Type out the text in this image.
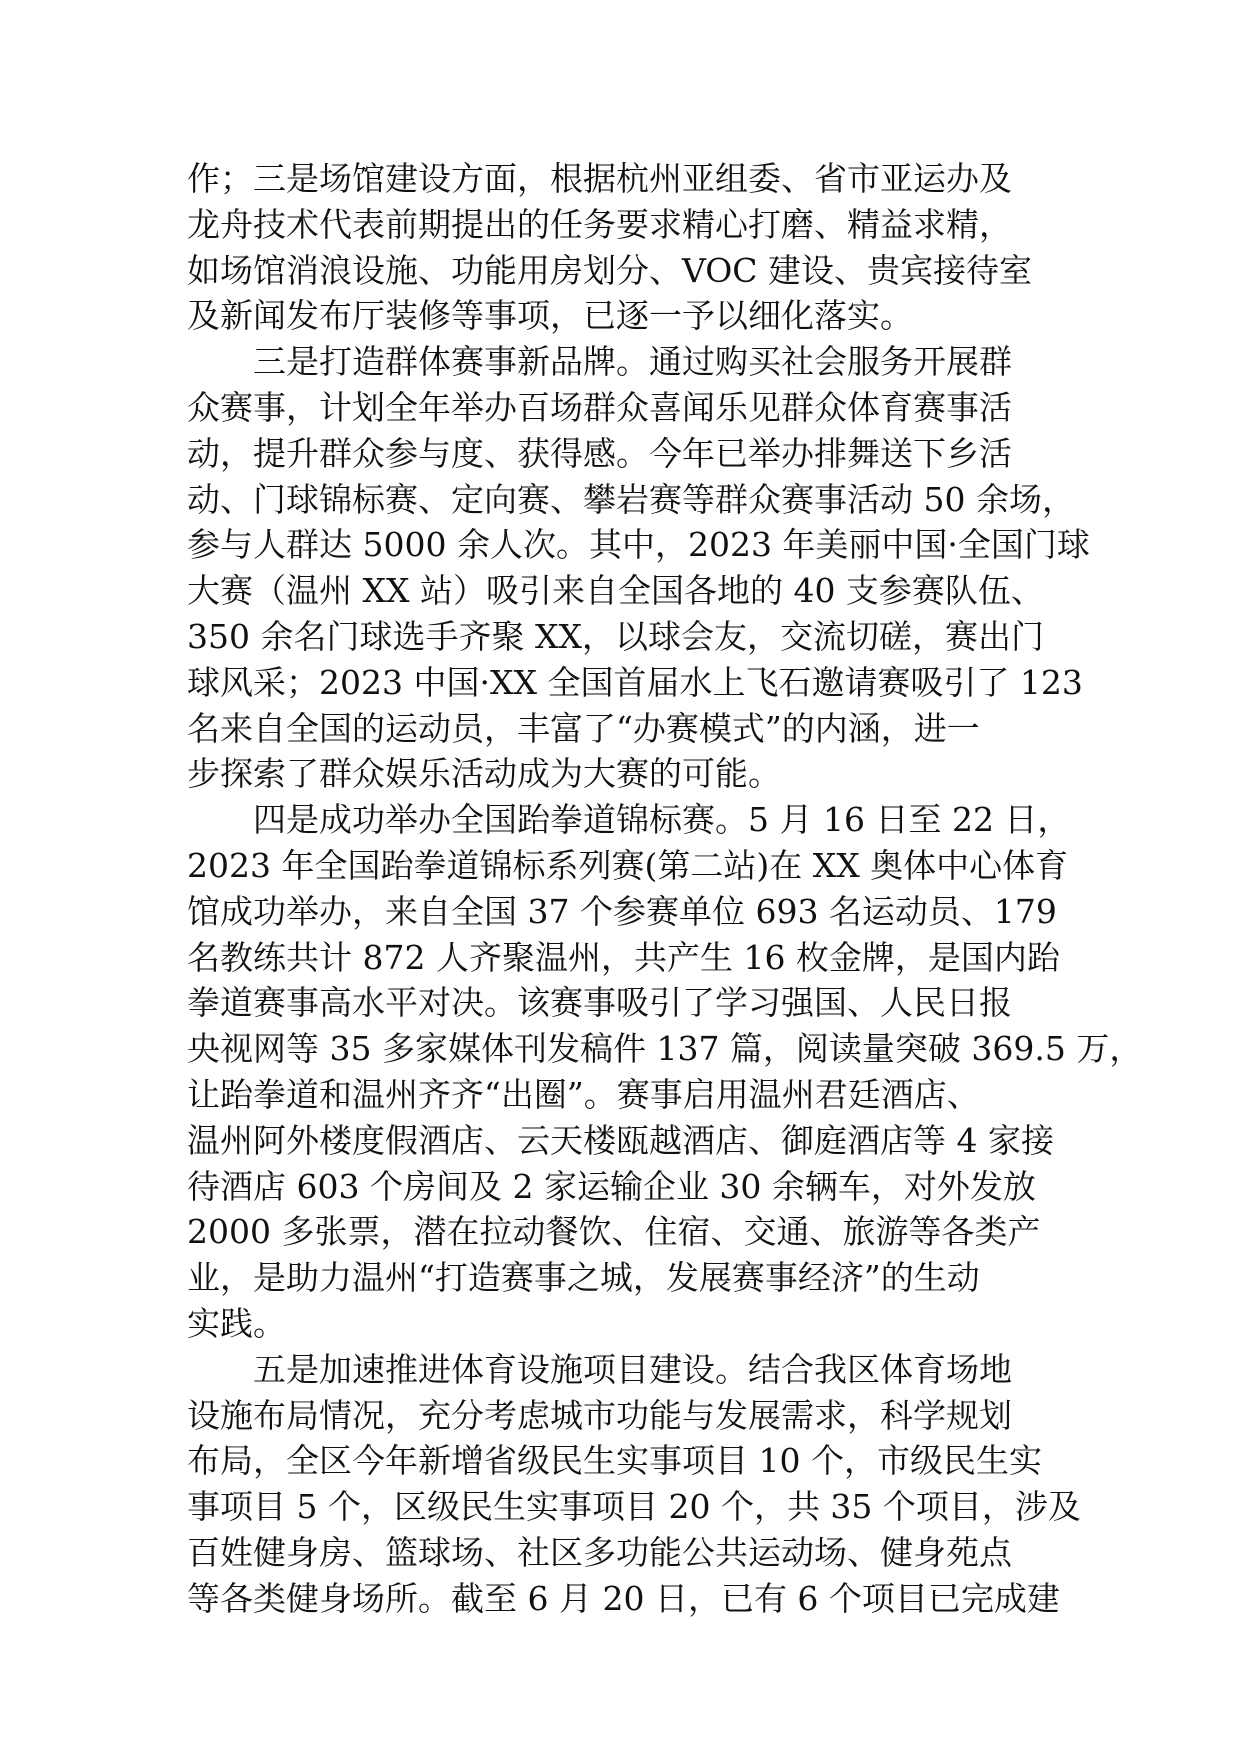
作；三是场馆建设方面，根据杭州亚组委、省市亚运办及
龙舟技术代表前期提出的任务要求精心打磨、精益求精，
如场馆消浪设施、功能用房划分、VOC 建设、贵宾接待室
及新闻发布厅装修等事项，已逐一予以细化落实。
三是打造群体赛事新品牌。通过购买社会服务开展群
众赛事，计划全年举办百场群众喜闻乐见群众体育赛事活
动，提升群众参与度、获得感。今年已举办排舞送下乡活
动、门球锦标赛、定向赛、攀岩赛等群众赛事活动 50 余场，
参与人群达 5000 余人次。其中，2023 年美丽中国·全国门球
大赛（温州 XX 站）吸引来自全国各地的 40 支参赛队伍、
350 余名门球选手齐聚 XX，以球会友，交流切磋，赛出门
球风采；2023 中国·XX 全国首届水上飞石邀请赛吸引了 123
名来自全国的运动员，丰富了“办赛模式”的内涵，进一
步探索了群众娱乐活动成为大赛的可能。
四是成功举办全国跆拳道锦标赛。5 月 16 日至 22 日，
2023 年全国跆拳道锦标系列赛(第二站)在 XX 奥体中心体育
馆成功举办，来自全国 37 个参赛单位 693 名运动员、179
名教练共计 872 人齐聚温州，共产生 16 枚金牌，是国内跆
拳道赛事高水平对决。该赛事吸引了学习强国、人民日报
央视网等 35 多家媒体刊发稿件 137 篇，阅读量突破 369.5 万，
让跆拳道和温州齐齐“出圈”。赛事启用温州君廷酒店、
温州阿外楼度假酒店、云天楼瓯越酒店、御庭酒店等 4 家接
待酒店 603 个房间及 2 家运输企业 30 余辆车，对外发放
2000 多张票，潜在拉动餐饮、住宿、交通、旅游等各类产
业，是助力温州“打造赛事之城，发展赛事经济”的生动
实践。
五是加速推进体育设施项目建设。结合我区体育场地
设施布局情况，充分考虑城市功能与发展需求，科学规划
布局，全区今年新增省级民生实事项目 10 个，市级民生实
事项目 5 个，区级民生实事项目 20 个，共 35 个项目，涉及
百姓健身房、篮球场、社区多功能公共运动场、健身苑点
等各类健身场所。截至 6 月 20 日，已有 6 个项目已完成建
